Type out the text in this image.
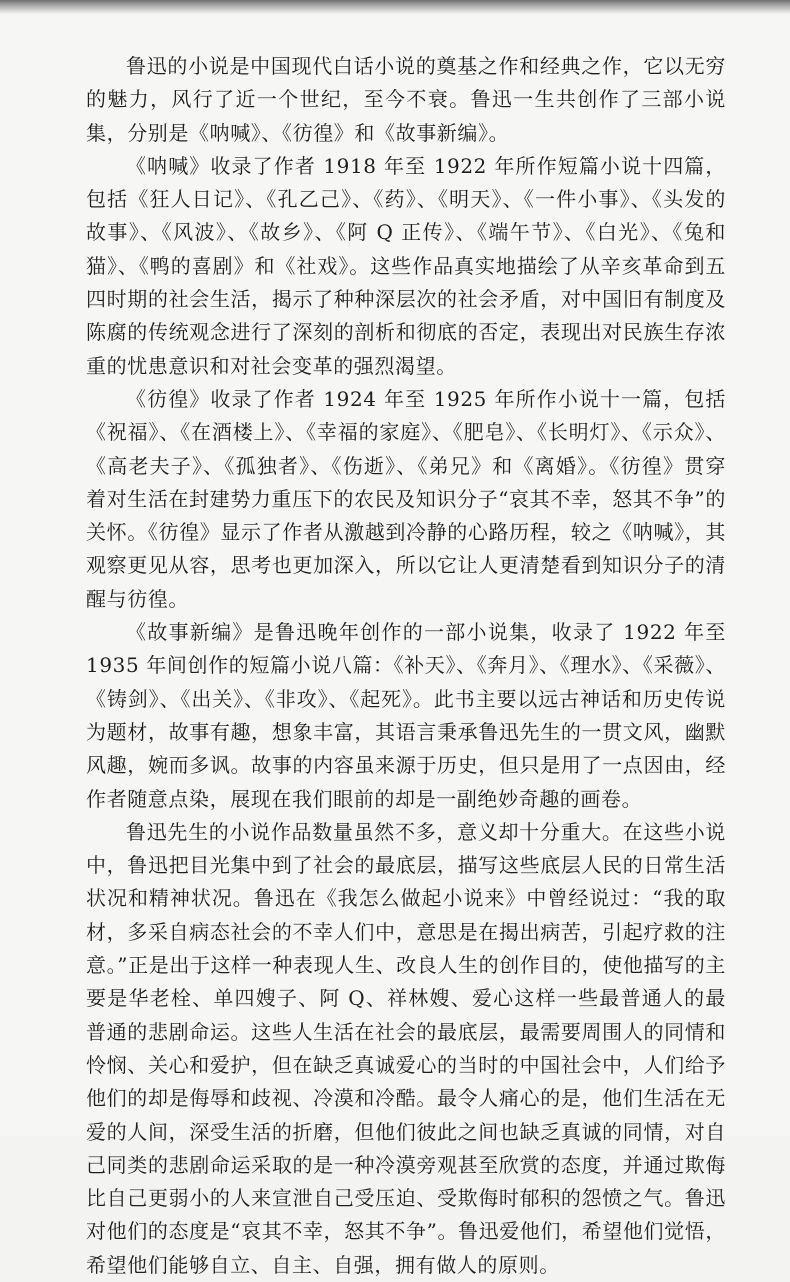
鲁迅的小说是中国现代白话小说的奠基之作和经典之作，它以无穷的魅力，风行了近一个世纪，至今不衰。鲁迅一生共创作了三部小说集，分别是《呐喊》、《彷徨》和《故事新编》。

《呐喊》收录了作者 1918 年至 1922 年所作短篇小说十四篇，包括《狂人日记》、《孔乙己》、《药》、《明天》、《一件小事》、《头发的故事》、《风波》、《故乡》、《阿 Q 正传》、《端午节》、《白光》、《兔和猫》、《鸭的喜剧》和《社戏》。这些作品真实地描绘了从辛亥革命到五四时期的社会生活，揭示了种种深层次的社会矛盾，对中国旧有制度及陈腐的传统观念进行了深刻的剖析和彻底的否定，表现出对民族生存浓重的忧患意识和对社会变革的强烈渴望。

《彷徨》收录了作者 1924 年至 1925 年所作小说十一篇，包括《祝福》、《在酒楼上》、《幸福的家庭》、《肥皂》、《长明灯》、《示众》、《高老夫子》、《孤独者》、《伤逝》、《弟兄》和《离婚》。《彷徨》贯穿着对生活在封建势力重压下的农民及知识分子“哀其不幸，怒其不争”的关怀。《彷徨》显示了作者从激越到冷静的心路历程，较之《呐喊》，其观察更见从容，思考也更加深入，所以它让人更清楚看到知识分子的清醒与彷徨。

《故事新编》是鲁迅晚年创作的一部小说集，收录了 1922 年至 1935 年间创作的短篇小说八篇：《补天》、《奔月》、《理水》、《采薇》、《铸剑》、《出关》、《非攻》、《起死》。此书主要以远古神话和历史传说为题材，故事有趣，想象丰富，其语言秉承鲁迅先生的一贯文风，幽默风趣，婉而多讽。故事的内容虽来源于历史，但只是用了一点因由，经作者随意点染，展现在我们眼前的却是一副绝妙奇趣的画卷。

鲁迅先生的小说作品数量虽然不多，意义却十分重大。在这些小说中，鲁迅把目光集中到了社会的最底层，描写这些底层人民的日常生活状况和精神状况。鲁迅在《我怎么做起小说来》中曾经说过：“我的取材，多采自病态社会的不幸人们中，意思是在揭出病苦，引起疗救的注意。”正是出于这样一种表现人生、改良人生的创作目的，使他描写的主要是华老栓、单四嫂子、阿 Q、祥林嫂、爱心这样一些最普通人的最普通的悲剧命运。这些人生活在社会的最底层，最需要周围人的同情和怜悯、关心和爱护，但在缺乏真诚爱心的当时的中国社会中，人们给予他们的却是侮辱和歧视、冷漠和冷酷。最令人痛心的是，他们生活在无爱的人间，深受生活的折磨，但他们彼此之间也缺乏真诚的同情，对自己同类的悲剧命运采取的是一种冷漠旁观甚至欣赏的态度，并通过欺侮比自己更弱小的人来宣泄自己受压迫、受欺侮时郁积的怨愤之气。鲁迅对他们的态度是“哀其不幸，怒其不争”。鲁迅爱他们，希望他们觉悟，希望他们能够自立、自主、自强，拥有做人的原则。
